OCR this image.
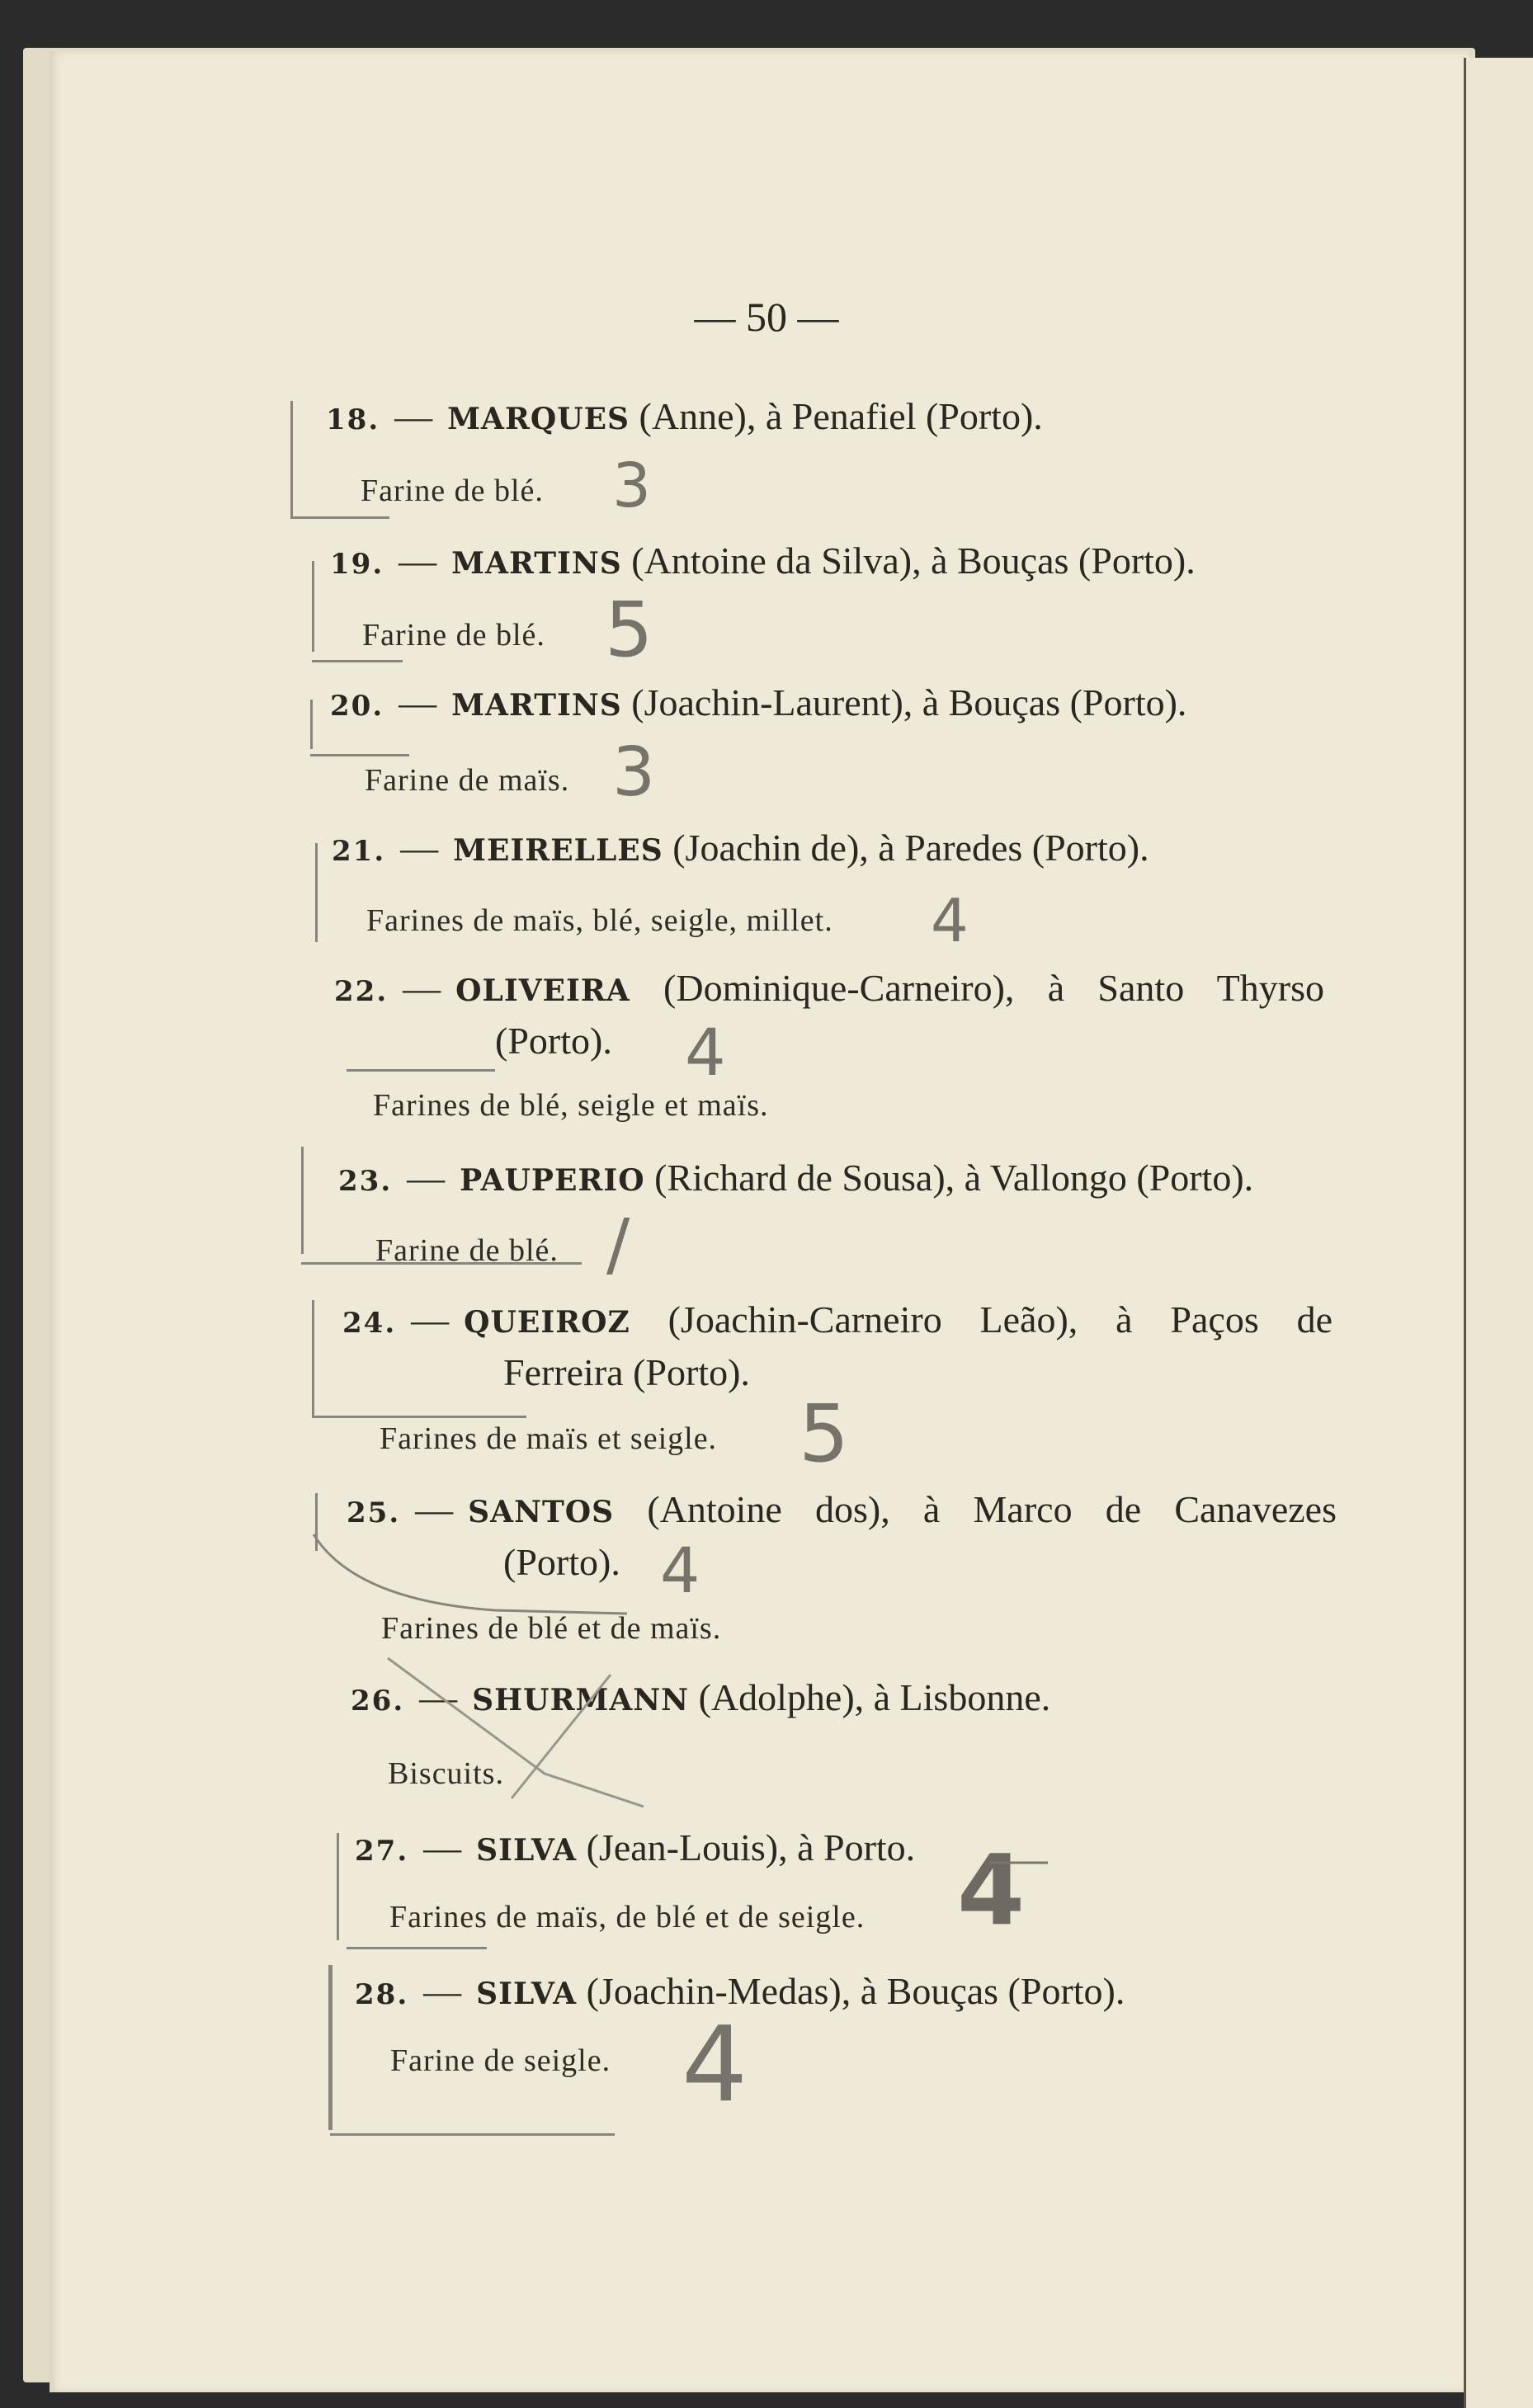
— 50 —
18. — MARQUES (Anne), à Penafiel (Porto).
Farine de blé. 3
19. — MARTINS (Antoine da Silva), à Bouças (Porto).
Farine de blé. 5
20. — MARTINS (Joachin-Laurent), à Bouças (Porto).
Farine de maïs. 3
21. — MEIRELLES (Joachin de), à Paredes (Porto).
Farines de maïs, blé, seigle, millet. 4
22. — OLIVEIRA (Dominique-Carneiro), à Santo Thyrso
(Porto).
Farines de blé, seigle et maïs.
4
23. — PAUPERIO (Richard de Sousa), à Vallongo (Porto).
Farine de blé. /
24. — QUEIROZ (Joachin-Carneiro Leão), à Paços de
Ferreira (Porto).
Farines de maïs et seigle. 5
25. — SANTOS (Antoine dos), à Marco de Canavezes
(Porto).
Farines de blé et de maïs.
4
26. — SHURMANN (Adolphe), à Lisbonne.
Biscuits.
27. — SILVA (Jean-Louis), à Porto.
Farines de maïs, de blé et de seigle. 4
28. — SILVA (Joachin-Medas), à Bouças (Porto).
Farine de seigle. 4
